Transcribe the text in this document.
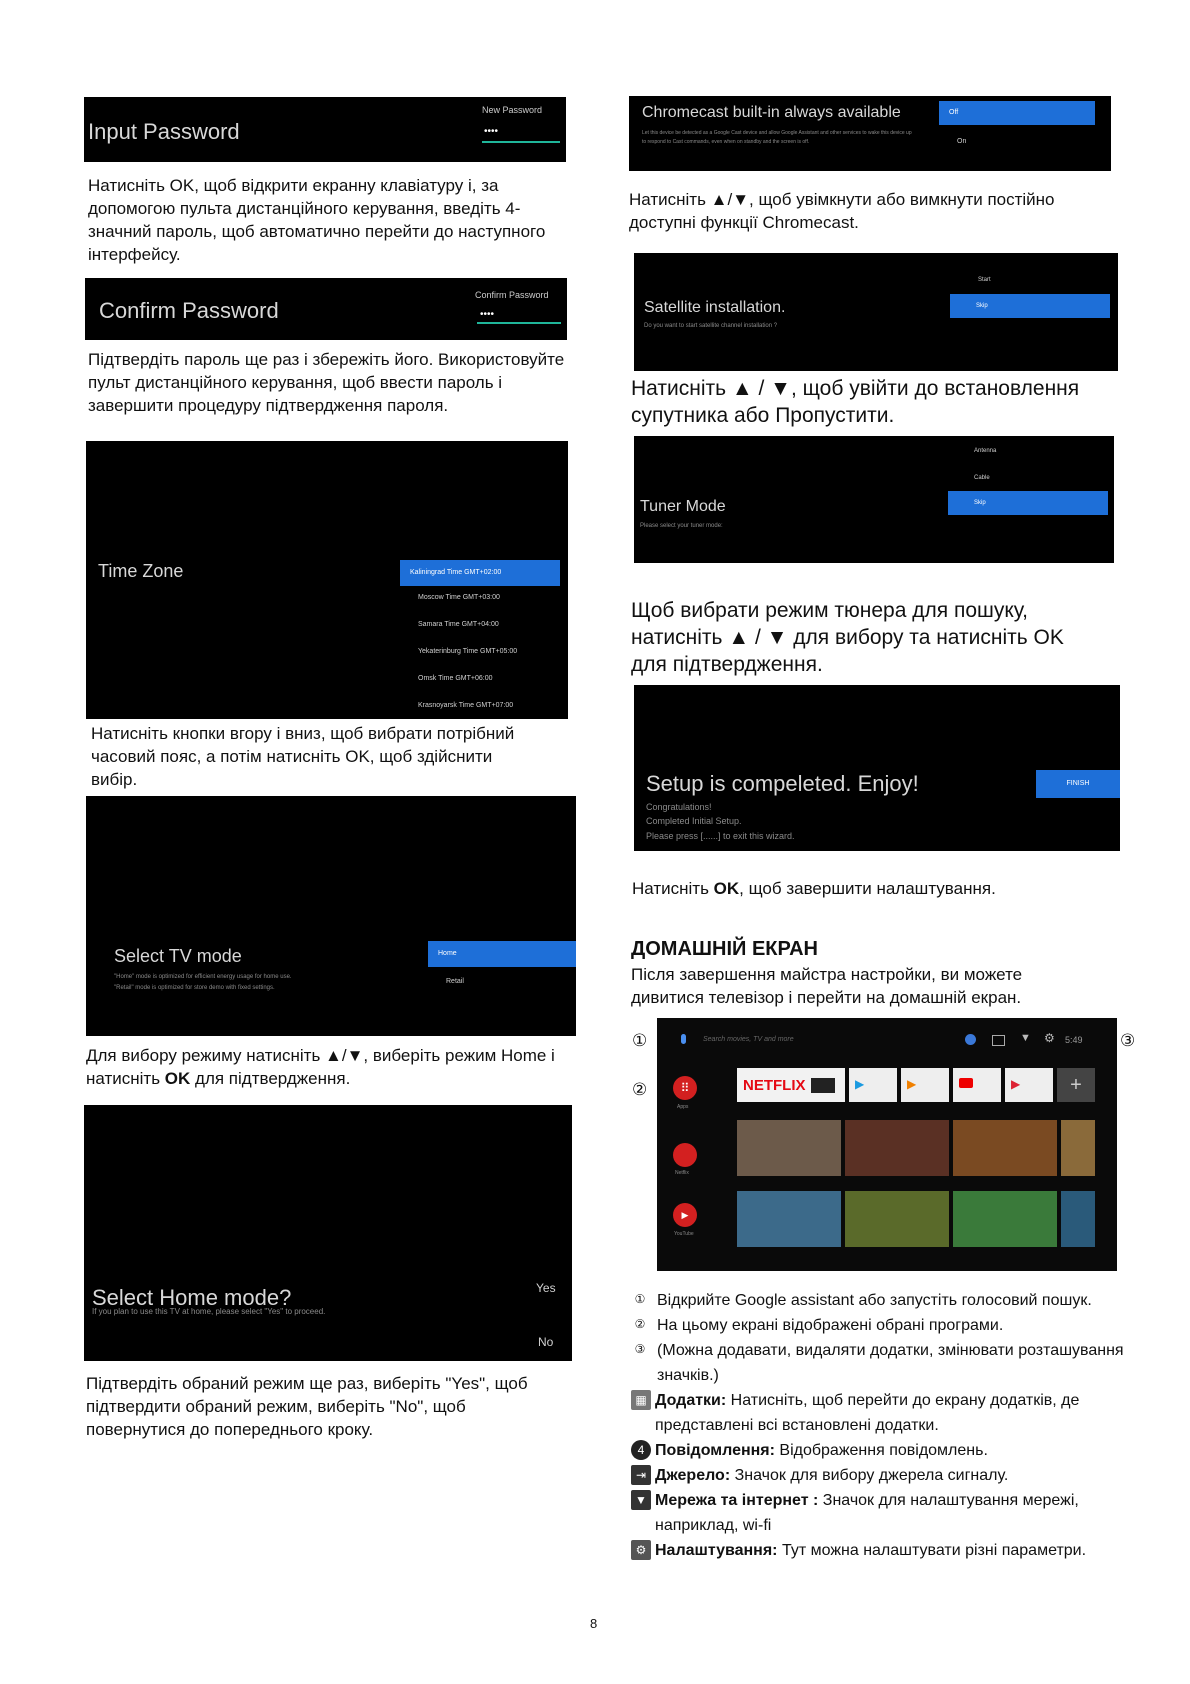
Input Password
New Password
••••
Натисніть OK, щоб відкрити екранну клавіатуру і, за допомогою пульта дистанційного керування, введіть 4-значний пароль, щоб автоматично перейти до наступного інтерфейсу.
Confirm Password
Confirm Password
••••
Підтвердіть пароль ще раз і збережіть його. Використовуйте пульт дистанційного керування, щоб ввести пароль і завершити процедуру підтвердження пароля.
Time Zone	Kaliningrad Time GMT+02:00
Moscow Time GMT+03:00
Samara Time GMT+04:00
Yekaterinburg Time GMT+05:00
Omsk Time GMT+06:00
Krasnoyarsk Time GMT+07:00
Натисніть кнопки вгору і вниз, щоб вибрати потрібний часовий пояс, а потім натисніть OK, щоб здійснити вибір.
Select TV mode
"Home" mode is optimized for efficient energy usage for home use.
"Retail" mode is optimized for store demo with fixed settings.
Home
Retail
Для вибору режиму натисніть ▲/▼, виберіть режим Home і натисніть OK для підтвердження.
Select Home mode?
If you plan to use this TV at home, please select "Yes" to proceed.
Yes
No
Підтвердіть обраний режим ще раз, виберіть "Yes", щоб підтвердити обраний режим, виберіть "No", щоб повернутися до попереднього кроку.
Chromecast built-in always available
Let this device be detected as a Google Cast device and allow Google Assistant and other services to wake this device up to respond to Cast commands, even when on standby and the screen is off.
Off
On
Натисніть ▲/▼, щоб увімкнути або вимкнути постійно доступні функції Chromecast.
Satellite installation.
Do you want to start satellite channel installation ?
Start
Skip
Натисніть ▲ / ▼, щоб увійти до встановлення супутника або Пропустити.
Tuner Mode
Please select your tuner mode:
Antenna
Cable
Skip
Щоб вибрати режим тюнера для пошуку, натисніть ▲ / ▼ для вибору та натисніть OK для підтвердження.
Setup is compeleted. Enjoy!
Congratulations!
Completed Initial Setup.
Please press [......] to exit this wizard.
FINISH
Натисніть OK, щоб завершити налаштування.
ДОМАШНІЙ ЕКРАН
Після завершення майстра настройки, ви можете дивитися телевізор і перейти на домашній екран.
①
②
③
Search movies, TV and more	▼ ⚙ 5:49
⠿
Apps
Netflix
▶
YouTube
NETFLIX	▶	▶	▶	+
① Відкрийте Google assistant або запустіть голосовий пошук.
② На цьому екрані відображені обрані програми.
③ (Можна додавати, видаляти додатки, змінювати розташування значків.)
▦ Додатки: Натисніть, щоб перейти до екрану додатків, де представлені всі встановлені додатки.
4 Повідомлення: Відображення повідомлень.
⇥ Джерело: Значок для вибору джерела сигналу.
▼ Мережа та інтернет : Значок для налаштування мережі, наприклад, wi-fi
⚙ Налаштування: Тут можна налаштувати різні параметри.
8
